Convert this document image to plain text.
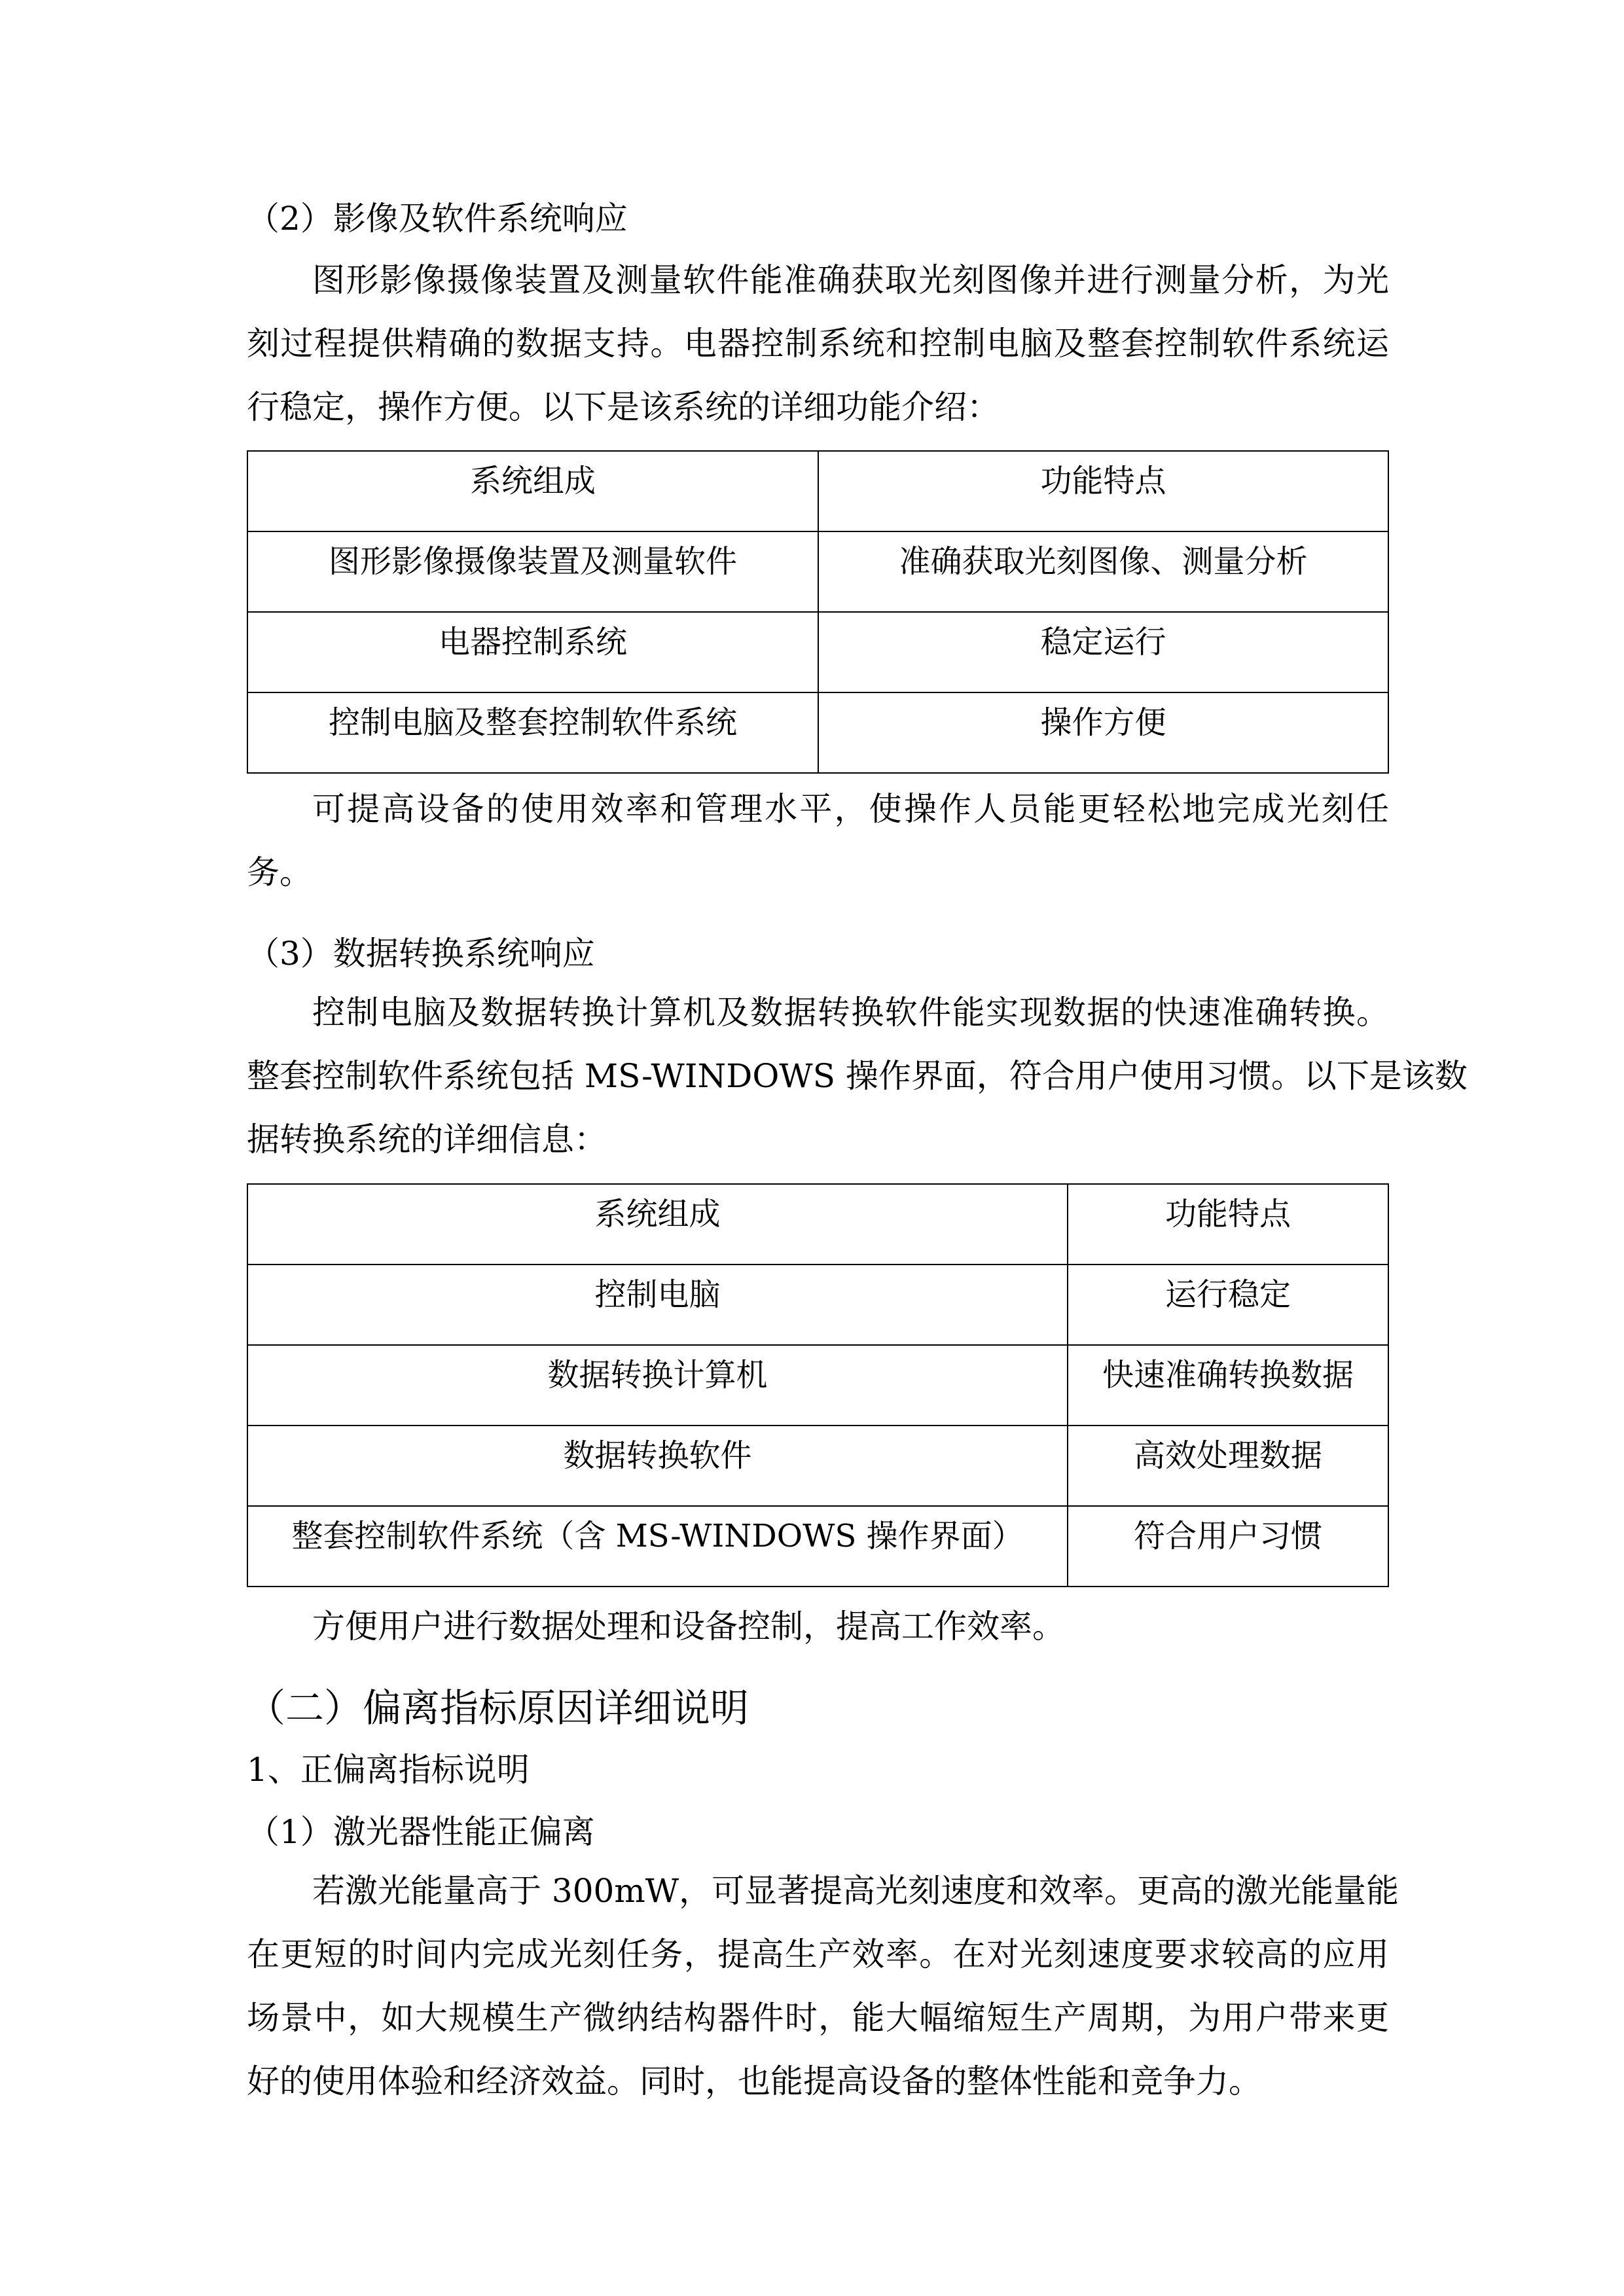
（2）影像及软件系统响应
图形影像摄像装置及测量软件能准确获取光刻图像并进行测量分析，为光
刻过程提供精确的数据支持。电器控制系统和控制电脑及整套控制软件系统运
行稳定，操作方便。以下是该系统的详细功能介绍：
系统组成	功能特点
图形影像摄像装置及测量软件	准确获取光刻图像、测量分析
电器控制系统	稳定运行
控制电脑及整套控制软件系统	操作方便
可提高设备的使用效率和管理水平，使操作人员能更轻松地完成光刻任
务。
（3）数据转换系统响应
控制电脑及数据转换计算机及数据转换软件能实现数据的快速准确转换。
整套控制软件系统包括 MS-WINDOWS 操作界面，符合用户使用习惯。以下是该数
据转换系统的详细信息：
系统组成	功能特点
控制电脑	运行稳定
数据转换计算机	快速准确转换数据
数据转换软件	高效处理数据
整套控制软件系统（含 MS-WINDOWS 操作界面）	符合用户习惯
方便用户进行数据处理和设备控制，提高工作效率。
（二）偏离指标原因详细说明
1、正偏离指标说明
（1）激光器性能正偏离
若激光能量高于 300mW，可显著提高光刻速度和效率。更高的激光能量能
在更短的时间内完成光刻任务，提高生产效率。在对光刻速度要求较高的应用
场景中，如大规模生产微纳结构器件时，能大幅缩短生产周期，为用户带来更
好的使用体验和经济效益。同时，也能提高设备的整体性能和竞争力。
